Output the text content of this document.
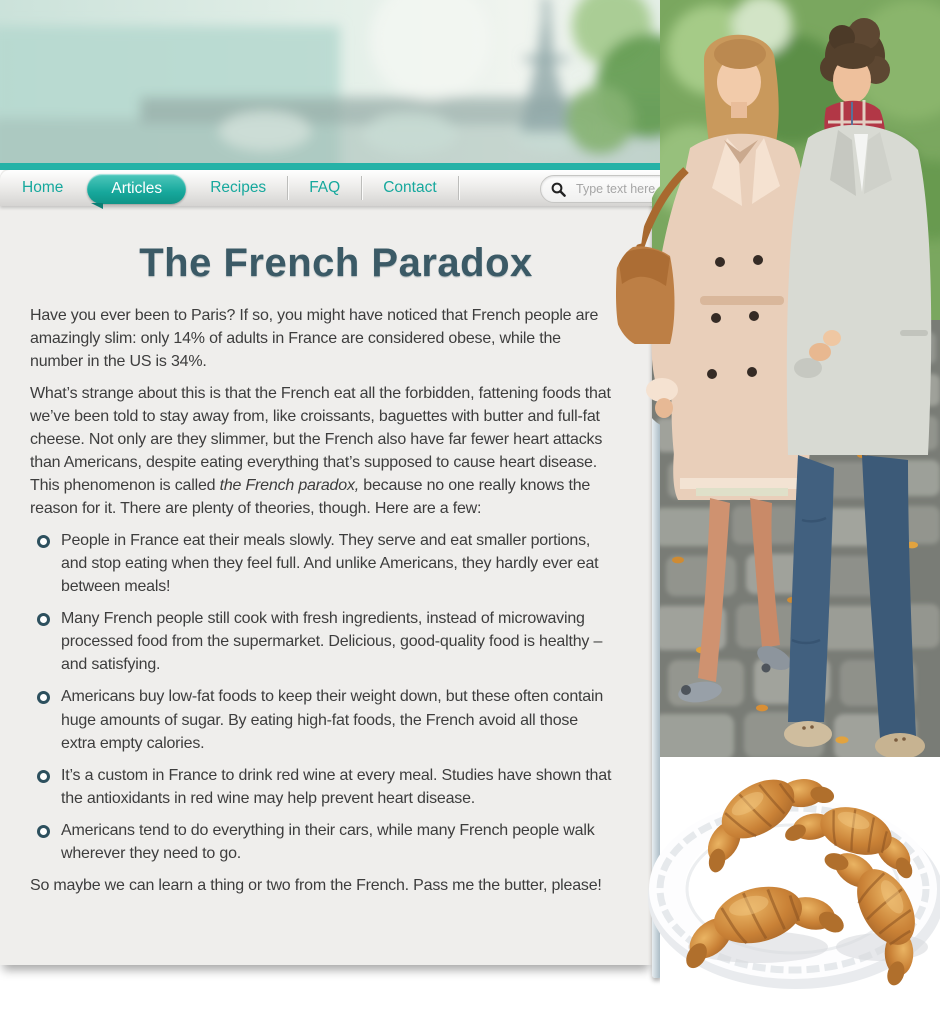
Home	Articles	Recipes	FAQ	Contact
Type text here
The French Paradox

Have you ever been to Paris? If so, you might have noticed that French people are amazingly slim: only 14% of adults in France are considered obese, while the number in the US is 34%.

What’s strange about this is that the French eat all the forbidden, fattening foods that we’ve been told to stay away from, like croissants, baguettes with butter and full-fat cheese. Not only are they slimmer, but the French also have far fewer heart attacks than Americans, despite eating everything that’s supposed to cause heart disease. This phenomenon is called the French paradox, because no one really knows the reason for it. There are plenty of theories, though. Here are a few:

People in France eat their meals slowly. They serve and eat smaller portions, and stop eating when they feel full. And unlike Americans, they hardly ever eat between meals!
Many French people still cook with fresh ingredients, instead of microwaving processed food from the supermarket. Delicious, good-quality food is healthy – and satisfying.
Americans buy low-fat foods to keep their weight down, but these often contain huge amounts of sugar. By eating high-fat foods, the French avoid all those extra empty calories.
It’s a custom in France to drink red wine at every meal. Studies have shown that the antioxidants in red wine may help prevent heart disease.
Americans tend to do everything in their cars, while many French people walk wherever they need to go.

So maybe we can learn a thing or two from the French. Pass me the butter, please!
